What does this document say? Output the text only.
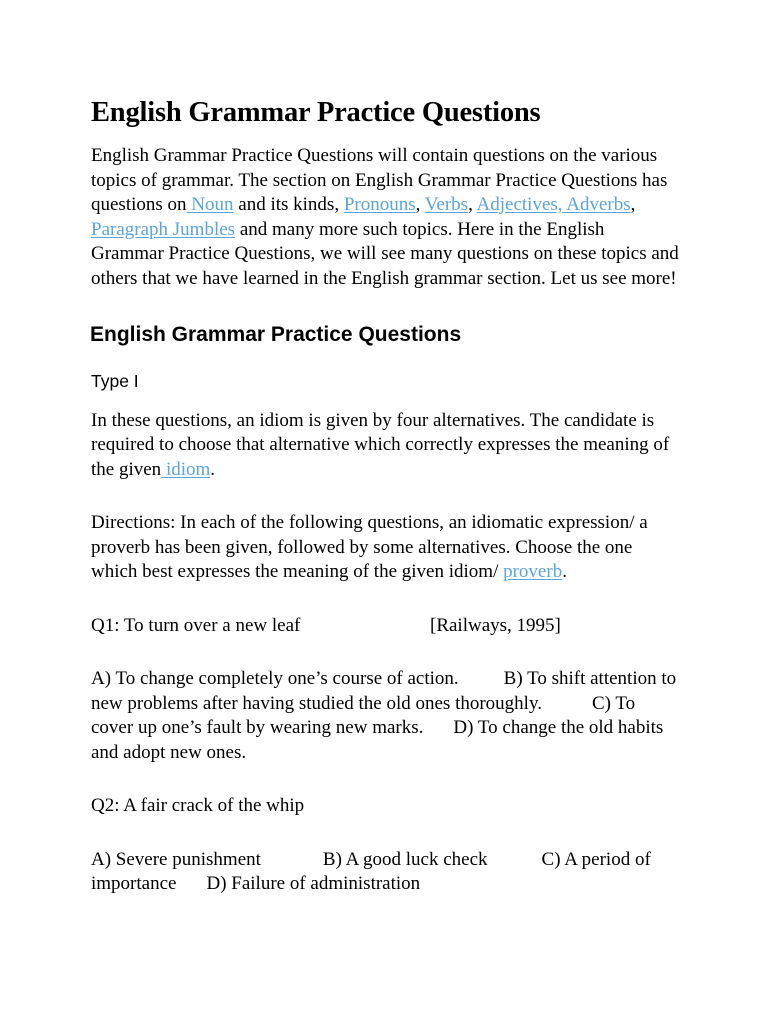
English Grammar Practice Questions

English Grammar Practice Questions will contain questions on the various topics of grammar. The section on English Grammar Practice Questions has questions on Noun and its kinds, Pronouns, Verbs, Adjectives, Adverbs, Paragraph Jumbles and many more such topics. Here in the English Grammar Practice Questions, we will see many questions on these topics and others that we have learned in the English grammar section. Let us see more!

English Grammar Practice Questions

Type I

In these questions, an idiom is given by four alternatives. The candidate is required to choose that alternative which correctly expresses the meaning of the given idiom.

Directions: In each of the following questions, an idiomatic expression/ a proverb has been given, followed by some alternatives. Choose the one which best expresses the meaning of the given idiom/ proverb.

Q1: To turn over a new leaf	[Railways, 1995]

A) To change completely one’s course of action. B) To shift attention to new problems after having studied the old ones thoroughly.	C) To cover up one’s fault by wearing new marks. D) To change the old habits and adopt new ones.

Q2: A fair crack of the whip

A) Severe punishment	B) A good luck check	C) A period of importance D) Failure of administration
